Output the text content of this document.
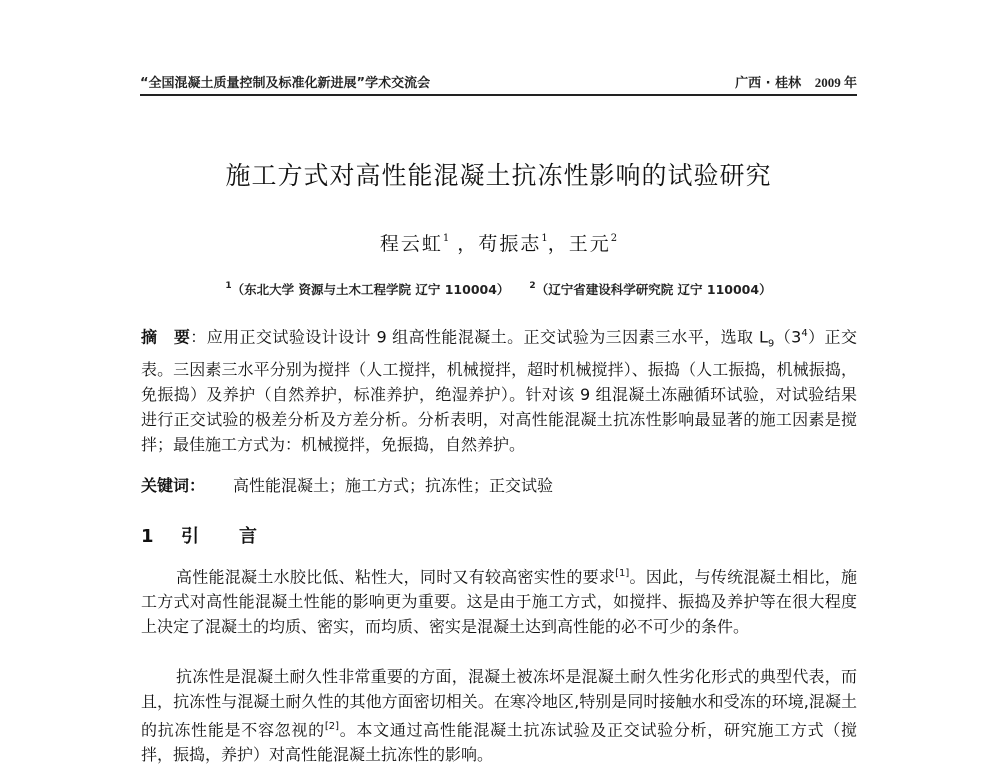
“全国混凝土质量控制及标准化新进展”学术交流会	广西 · 桂林 2009 年
施工方式对高性能混凝土抗冻性影响的试验研究
程云虹$^1$ ，苟振志$^1$，王元$^2$
$^1$（东北大学 资源与土木工程学院 辽宁 110004） $^2$（辽宁省建设科学研究院 辽宁 110004）
摘　要：应用正交试验设计设计 9 组高性能混凝土。正交试验为三因素三水平，选取 $L_9(3^4)$正交表。三因素三水平分别为搅拌（人工搅拌，机械搅拌，超时机械搅拌）、振捣（人工振捣，机械振捣，免振捣）及养护（自然养护，标准养护，绝湿养护）。针对该 9 组混凝土冻融循环试验，对试验结果进行正交试验的极差分析及方差分析。分析表明，对高性能混凝土抗冻性影响最显著的施工因素是搅拌；最佳施工方式为：机械搅拌，免振捣，自然养护。
关键词： 高性能混凝土；施工方式；抗冻性；正交试验
1	引言
高性能混凝土水胶比低、粘性大，同时又有较高密实性的要求[1]。因此，与传统混凝土相比，施工方式对高性能混凝土性能的影响更为重要。这是由于施工方式，如搅拌、振捣及养护等在很大程度上决定了混凝土的均质、密实，而均质、密实是混凝土达到高性能的必不可少的条件。
抗冻性是混凝土耐久性非常重要的方面，混凝土被冻坏是混凝土耐久性劣化形式的典型代表，而且，抗冻性与混凝土耐久性的其他方面密切相关。在寒冷地区,特别是同时接触水和受冻的环境,混凝土的抗冻性能是不容忽视的[2]。本文通过高性能混凝土抗冻试验及正交试验分析，研究施工方式（搅拌，振捣，养护）对高性能混凝土抗冻性的影响。
